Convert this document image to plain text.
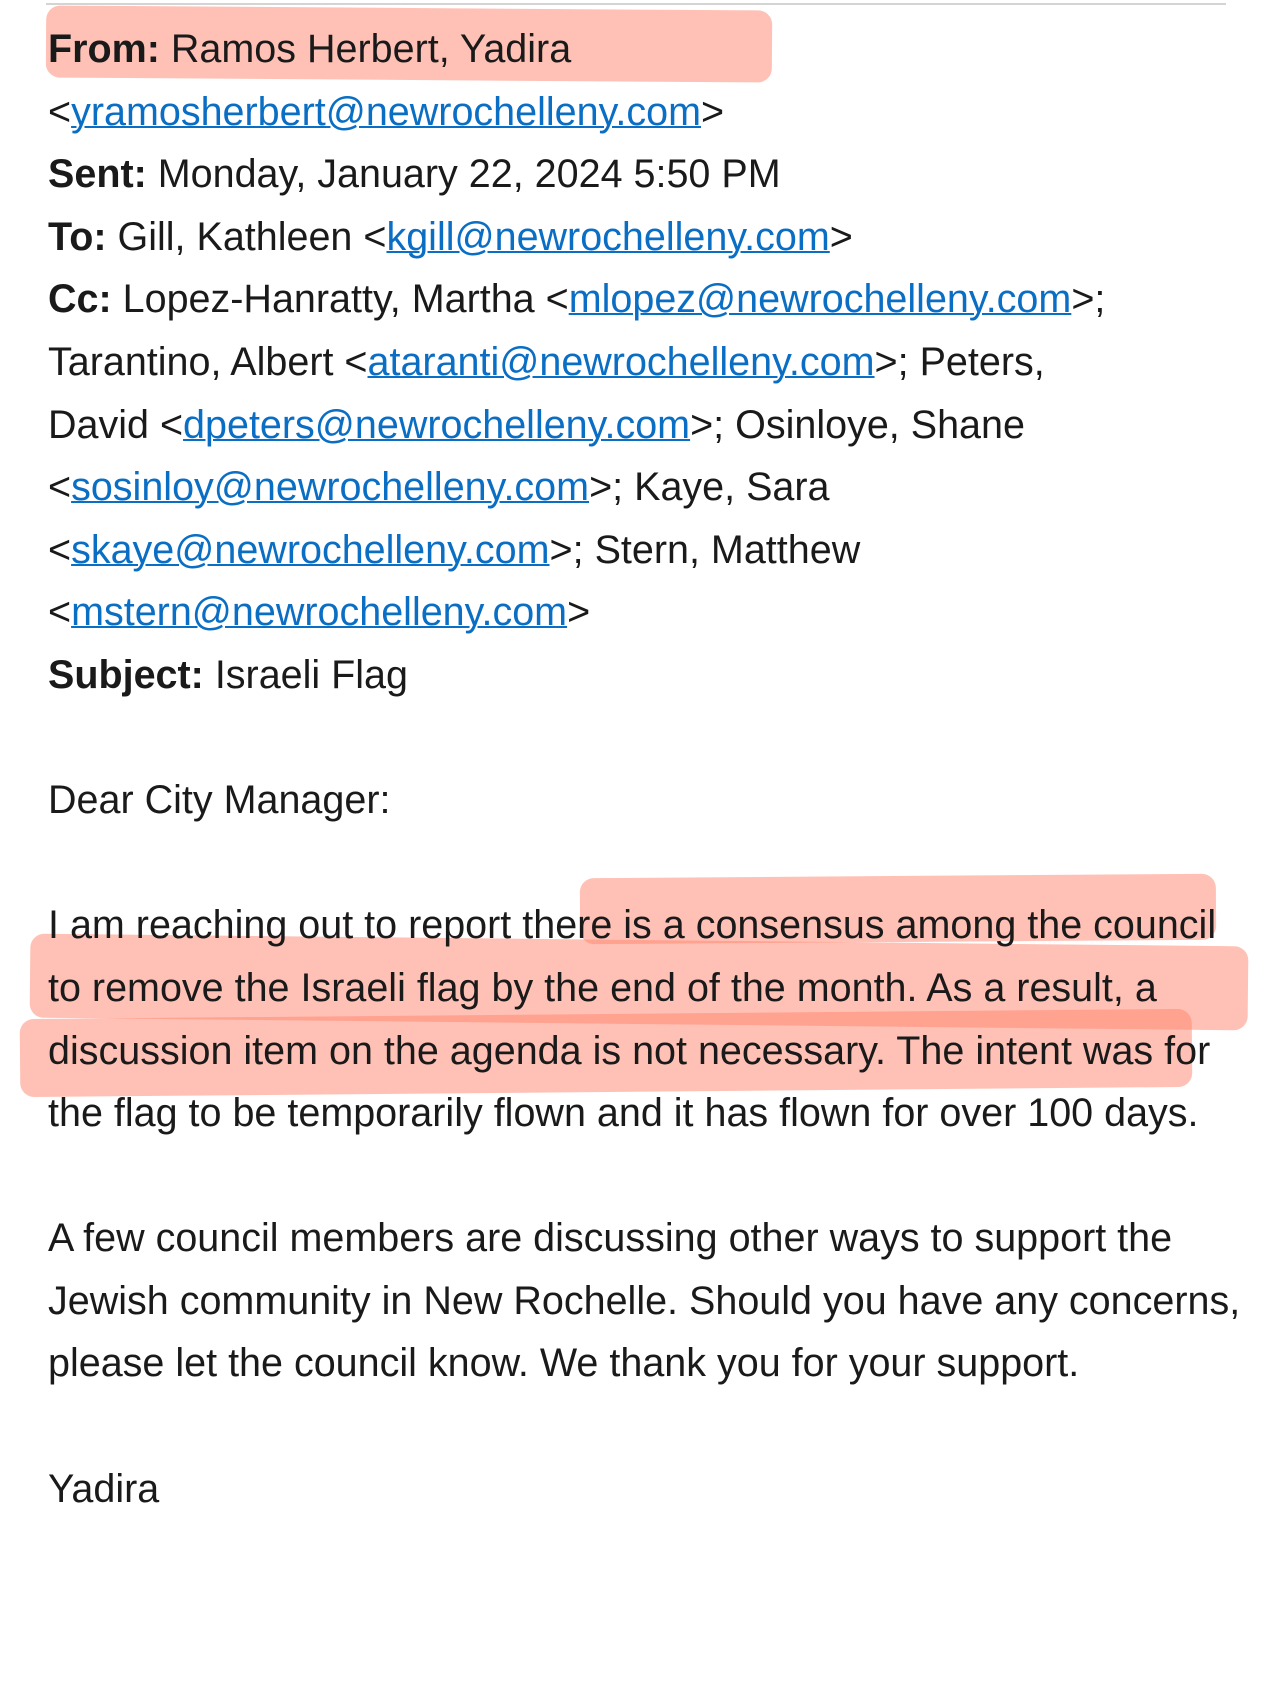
From: Ramos Herbert, Yadira
<yramosherbert@newrochelleny.com>
Sent: Monday, January 22, 2024 5:50 PM
To: Gill, Kathleen <kgill@newrochelleny.com>
Cc: Lopez-Hanratty, Martha <mlopez@newrochelleny.com>;
Tarantino, Albert <ataranti@newrochelleny.com>; Peters,
David <dpeters@newrochelleny.com>; Osinloye, Shane
<sosinloy@newrochelleny.com>; Kaye, Sara
<skaye@newrochelleny.com>; Stern, Matthew
<mstern@newrochelleny.com>
Subject: Israeli Flag

Dear City Manager:

I am reaching out to report there is a consensus among the council to remove the Israeli flag by the end of the month. As a result, a discussion item on the agenda is not necessary. The intent was for the flag to be temporarily flown and it has flown for over 100 days.

A few council members are discussing other ways to support the Jewish community in New Rochelle. Should you have any concerns, please let the council know. We thank you for your support.

Yadira
